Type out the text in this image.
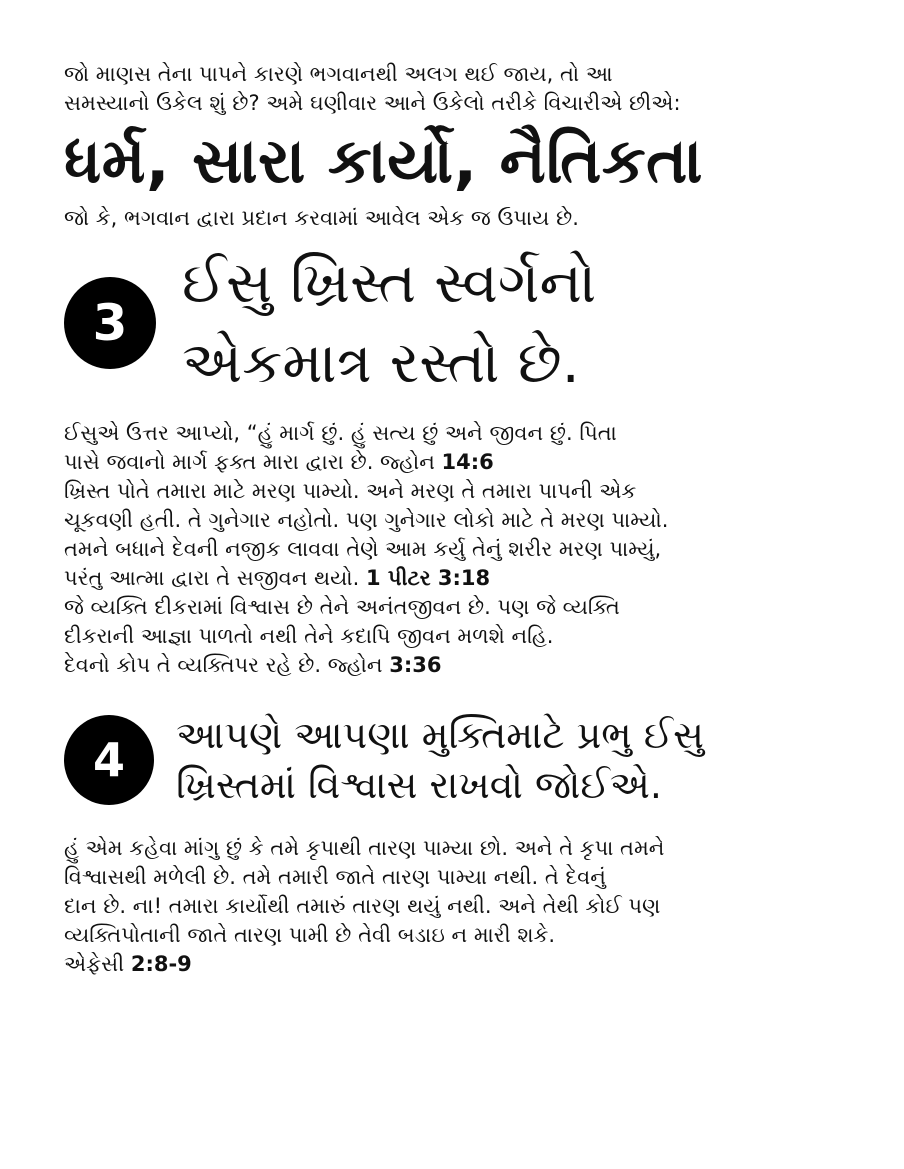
જો માણસ તેના પાપને કારણે ભગવાનથી અલગ થઈ જાય, તો આ

સમસ્યાનો ઉકેલ શું છે? અમે ઘણીવાર આને ઉકેલો તરીકે વિચારીએ છીએ:

ધર્મ, સારા કાર્યો, નૈતિકતા
જો કે, ભગવાન દ્વારા પ્રદાન કરવામાં આવેલ એક જ ઉપાય છે.
3
ઈસુ ખ્રિસ્ત સ્વર્ગનો
એકમાત્ર રસ્તો છે.

ઈસુએ ઉત્તર આપ્યો, “હું માર્ગ છું. હું સત્ય છું અને જીવન છું. પિતા

પાસે જવાનો માર્ગ ફક્ત મારા દ્વારા છે. જ્હોન 14:6

ખ્રિસ્ત પોતે તમારા માટે મરણ પામ્યો. અને મરણ તે તમારા પાપની એક

ચૂકવણી હતી. તે ગુનેગાર નહોતો. પણ ગુનેગાર લોકો માટે તે મરણ પામ્યો.

તમને બધાને દેવની નજીક લાવવા તેણે આમ કર્યુ તેનું શરીર મરણ પામ્યું,

પરંતુ આત્મા દ્વારા તે સજીવન થયો. 1 પીટર 3:18

જે વ્યક્તિ દીકરામાં વિશ્વાસ છે તેને અનંતજીવન છે. પણ જે વ્યક્તિ

દીકરાની આજ્ઞા પાળતો નથી તેને કદાપિ જીવન મળશે નહિ.

દેવનો કોપ તે વ્યક્તિપર રહે છે. જ્હોન 3:36

4	આપણે આપણા મુક્તિમાટે પ્રભુ ઈસુ
ખ્રિસ્તમાં વિશ્વાસ રાખવો જોઈએ.

હું એમ કહેવા માંગુ છું કે તમે કૃપાથી તારણ પામ્યા છો. અને તે કૃપા તમને

વિશ્વાસથી મળેલી છે. તમે તમારી જાતે તારણ પામ્યા નથી. તે દેવનું

દાન છે. ના! તમારા કાર્યોથી તમારું તારણ થયું નથી. અને તેથી કોઈ પણ

વ્યક્તિપોતાની જાતે તારણ પામી છે તેવી બડાઇ ન મારી શકે.

એફેસી 2:8-9
